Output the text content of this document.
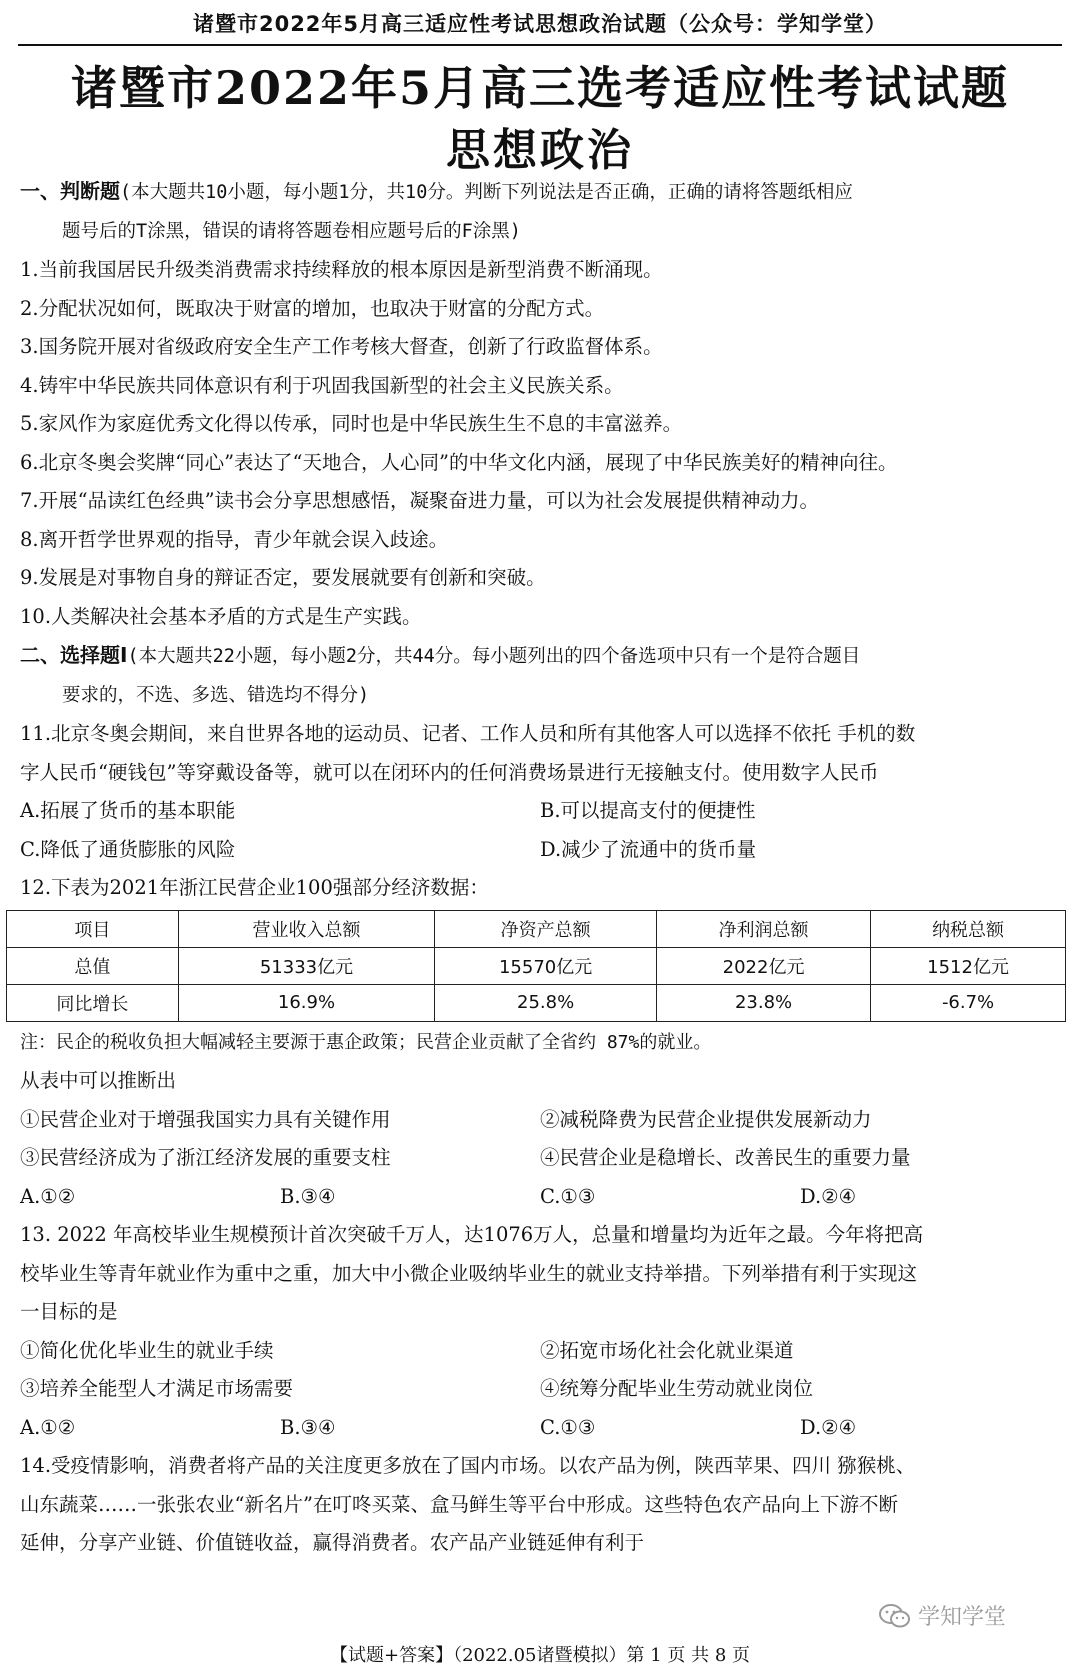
诸暨市2022年5月高三适应性考试思想政治试题（公众号：学知学堂）
诸暨市2022年5月高三选考适应性考试试题
思想政治
一、判断题(本大题共10小题，每小题1分，共10分。判断下列说法是否正确，正确的请将答题纸相应
题号后的T涂黑，错误的请将答题卷相应题号后的F涂黑)
1.当前我国居民升级类消费需求持续释放的根本原因是新型消费不断涌现。
2.分配状况如何，既取决于财富的增加，也取决于财富的分配方式。
3.国务院开展对省级政府安全生产工作考核大督查，创新了行政监督体系。
4.铸牢中华民族共同体意识有利于巩固我国新型的社会主义民族关系。
5.家风作为家庭优秀文化得以传承，同时也是中华民族生生不息的丰富滋养。
6.北京冬奥会奖牌“同心”表达了“天地合，人心同”的中华文化内涵，展现了中华民族美好的精神向往。
7.开展“品读红色经典”读书会分享思想感悟，凝聚奋进力量，可以为社会发展提供精神动力。
8.离开哲学世界观的指导，青少年就会误入歧途。
9.发展是对事物自身的辩证否定，要发展就要有创新和突破。
10.人类解决社会基本矛盾的方式是生产实践。
二、选择题Ⅰ(本大题共22小题，每小题2分，共44分。每小题列出的四个备选项中只有一个是符合题目
要求的，不选、多选、错选均不得分)
11.北京冬奥会期间，来自世界各地的运动员、记者、工作人员和所有其他客人可以选择不依托 手机的数
字人民币“硬钱包”等穿戴设备等，就可以在闭环内的任何消费场景进行无接触支付。使用数字人民币
A.拓展了货币的基本职能	B.可以提高支付的便捷性
C.降低了通货膨胀的风险	D.减少了流通中的货币量
12.下表为2021年浙江民营企业100强部分经济数据：
项目	营业收入总额	净资产总额	净利润总额	纳税总额
总值	51333亿元	15570亿元	2022亿元	1512亿元
同比增长	16.9%	25.8%	23.8%	-6.7%
注：民企的税收负担大幅减轻主要源于惠企政策；民营企业贡献了全省约 87%的就业。
从表中可以推断出
①民营企业对于增强我国实力具有关键作用	②减税降费为民营企业提供发展新动力
③民营经济成为了浙江经济发展的重要支柱	④民营企业是稳增长、改善民生的重要力量
A.①②	B.③④	C.①③	D.②④
13. 2022 年高校毕业生规模预计首次突破千万人，达1076万人，总量和增量均为近年之最。今年将把高
校毕业生等青年就业作为重中之重，加大中小微企业吸纳毕业生的就业支持举措。下列举措有利于实现这
一目标的是
①简化优化毕业生的就业手续	②拓宽市场化社会化就业渠道
③培养全能型人才满足市场需要	④统筹分配毕业生劳动就业岗位
A.①②	B.③④	C.①③	D.②④
14.受疫情影响，消费者将产品的关注度更多放在了国内市场。以农产品为例，陕西苹果、四川 猕猴桃、
山东蔬菜……一张张农业“新名片”在叮咚买菜、盒马鲜生等平台中形成。这些特色农产品向上下游不断
延伸，分享产业链、价值链收益，赢得消费者。农产品产业链延伸有利于
学知学堂
【试题+答案】（2022.05诸暨模拟）第 1 页 共 8 页
